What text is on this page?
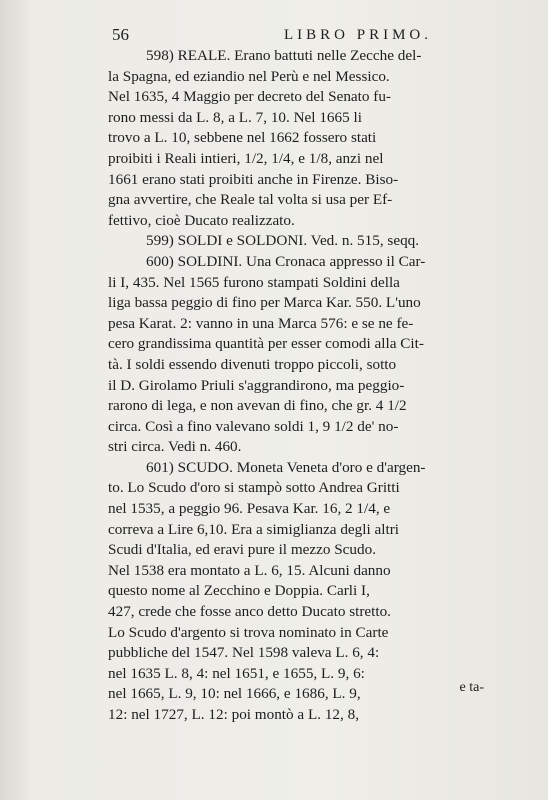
56	LIBRO PRIMO.
598) REALE. Erano battuti nelle Zecche del-
la Spagna, ed eziandio nel Perù e nel Messico.
Nel 1635, 4 Maggio per decreto del Senato fu-
rono messi da L. 8, a L. 7, 10. Nel 1665 li
trovo a L. 10, sebbene nel 1662 fossero stati
proibiti i Reali intieri, 1/2, 1/4, e 1/8, anzi nel
1661 erano stati proibiti anche in Firenze. Biso-
gna avvertire, che Reale tal volta si usa per Ef-
fettivo, cioè Ducato realizzato.
599) SOLDI e SOLDONI. Ved. n. 515, seqq.
600) SOLDINI. Una Cronaca appresso il Car-
li I, 435. Nel 1565 furono stampati Soldini della
liga bassa peggio di fino per Marca Kar. 550. L'uno
pesa Karat. 2: vanno in una Marca 576: e se ne fe-
cero grandissima quantità per esser comodi alla Cit-
tà. I soldi essendo divenuti troppo piccoli, sotto
il D. Girolamo Priuli s'aggrandirono, ma peggio-
rarono di lega, e non avevan di fino, che gr. 4 1/2
circa. Così a fino valevano soldi 1, 9 1/2 de' no-
stri circa. Vedi n. 460.
601) SCUDO. Moneta Veneta d'oro e d'argen-
to. Lo Scudo d'oro si stampò sotto Andrea Gritti
nel 1535, a peggio 96. Pesava Kar. 16, 2 1/4, e
correva a Lire 6,10. Era a simiglianza degli altri
Scudi d'Italia, ed eravi pure il mezzo Scudo.
Nel 1538 era montato a L. 6, 15. Alcuni danno
questo nome al Zecchino e Doppia. Carli I,
427, crede che fosse anco detto Ducato stretto.
Lo Scudo d'argento si trova nominato in Carte
pubbliche del 1547. Nel 1598 valeva L. 6, 4:
nel 1635 L. 8, 4: nel 1651, e 1655, L. 9, 6:
nel 1665, L. 9, 10: nel 1666, e 1686, L. 9,
12: nel 1727, L. 12: poi montò a L. 12, 8,
e ta-
